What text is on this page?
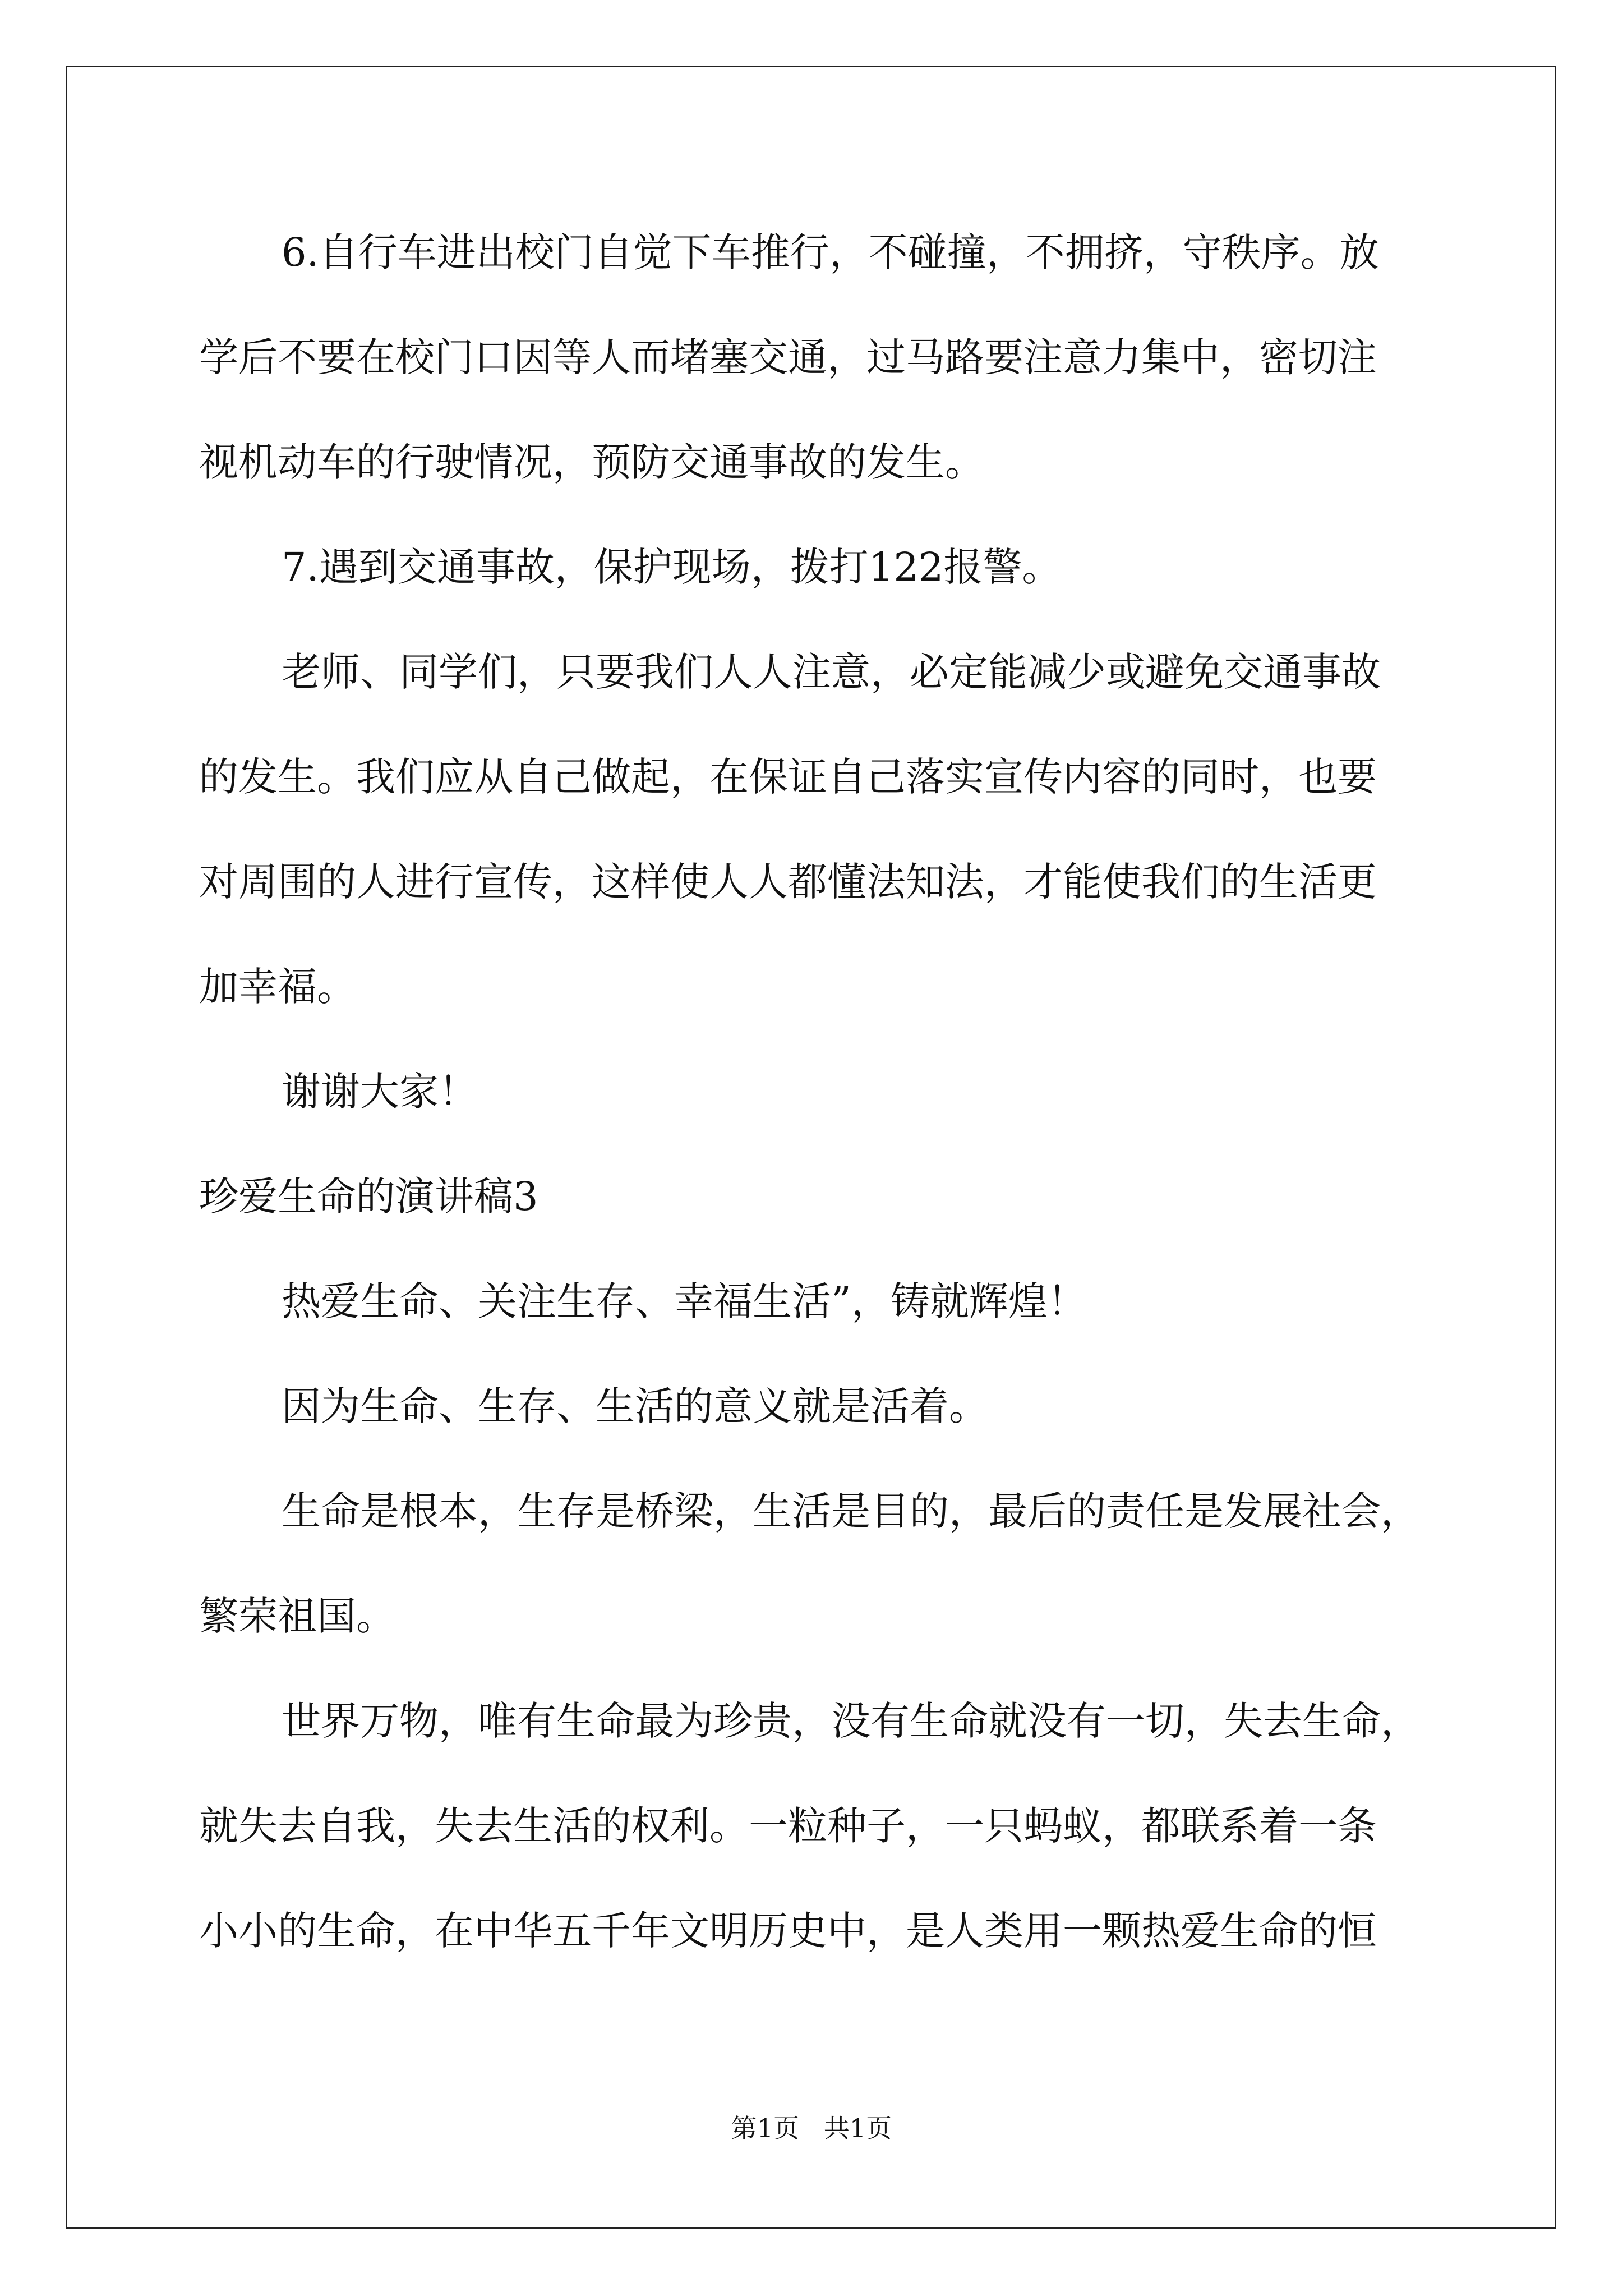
6.自行车进出校门自觉下车推行，不碰撞，不拥挤，守秩序。放

学后不要在校门口因等人而堵塞交通，过马路要注意力集中，密切注

视机动车的行驶情况，预防交通事故的发生。

7.遇到交通事故，保护现场，拨打122报警。

老师、同学们，只要我们人人注意，必定能减少或避免交通事故

的发生。我们应从自己做起，在保证自己落实宣传内容的同时，也要

对周围的人进行宣传，这样使人人都懂法知法，才能使我们的生活更

加幸福。

谢谢大家！

珍爱生命的演讲稿3

热爱生命、关注生存、幸福生活”，铸就辉煌！

因为生命、生存、生活的意义就是活着。

生命是根本，生存是桥梁，生活是目的，最后的责任是发展社会，

繁荣祖国。

世界万物，唯有生命最为珍贵，没有生命就没有一切，失去生命，

就失去自我，失去生活的权利。一粒种子，一只蚂蚁，都联系着一条

小小的生命，在中华五千年文明历史中，是人类用一颗热爱生命的恒

第1页   共1页
